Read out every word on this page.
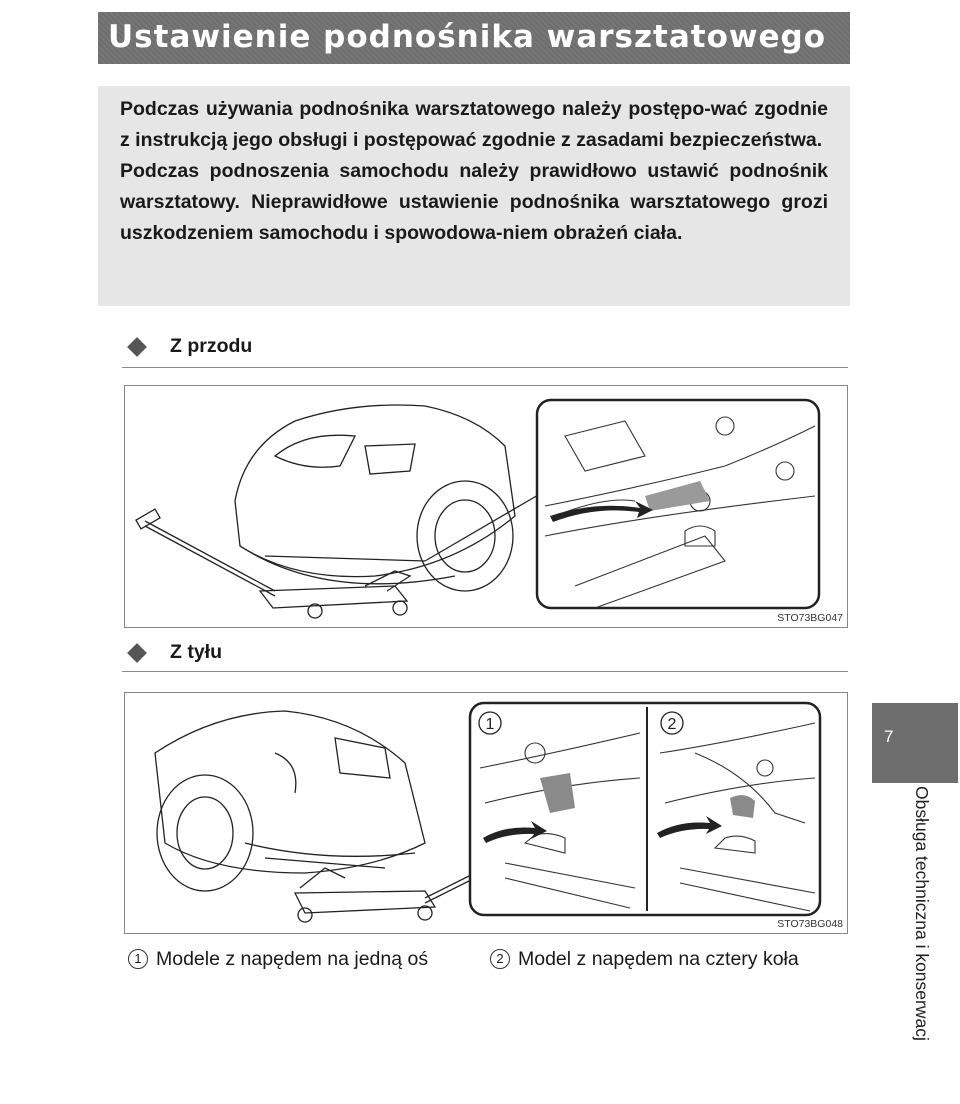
Ustawienie podnośnika warsztatowego

Podczas używania podnośnika warsztatowego należy postępo-wać zgodnie z instrukcją jego obsługi i postępować zgodnie z zasadami bezpieczeństwa.

Podczas podnoszenia samochodu należy prawidłowo ustawić podnośnik warsztatowy. Nieprawidłowe ustawienie podnośnika warsztatowego grozi uszkodzeniem samochodu i spowodowa-niem obrażeń ciała.

Z przodu
STO73BG047
Z tyłu
1	2
STO73BG048
1 Modele z napędem na jedną oś	2 Model z napędem na cztery koła
7
Obsługa techniczna i konserwacj
